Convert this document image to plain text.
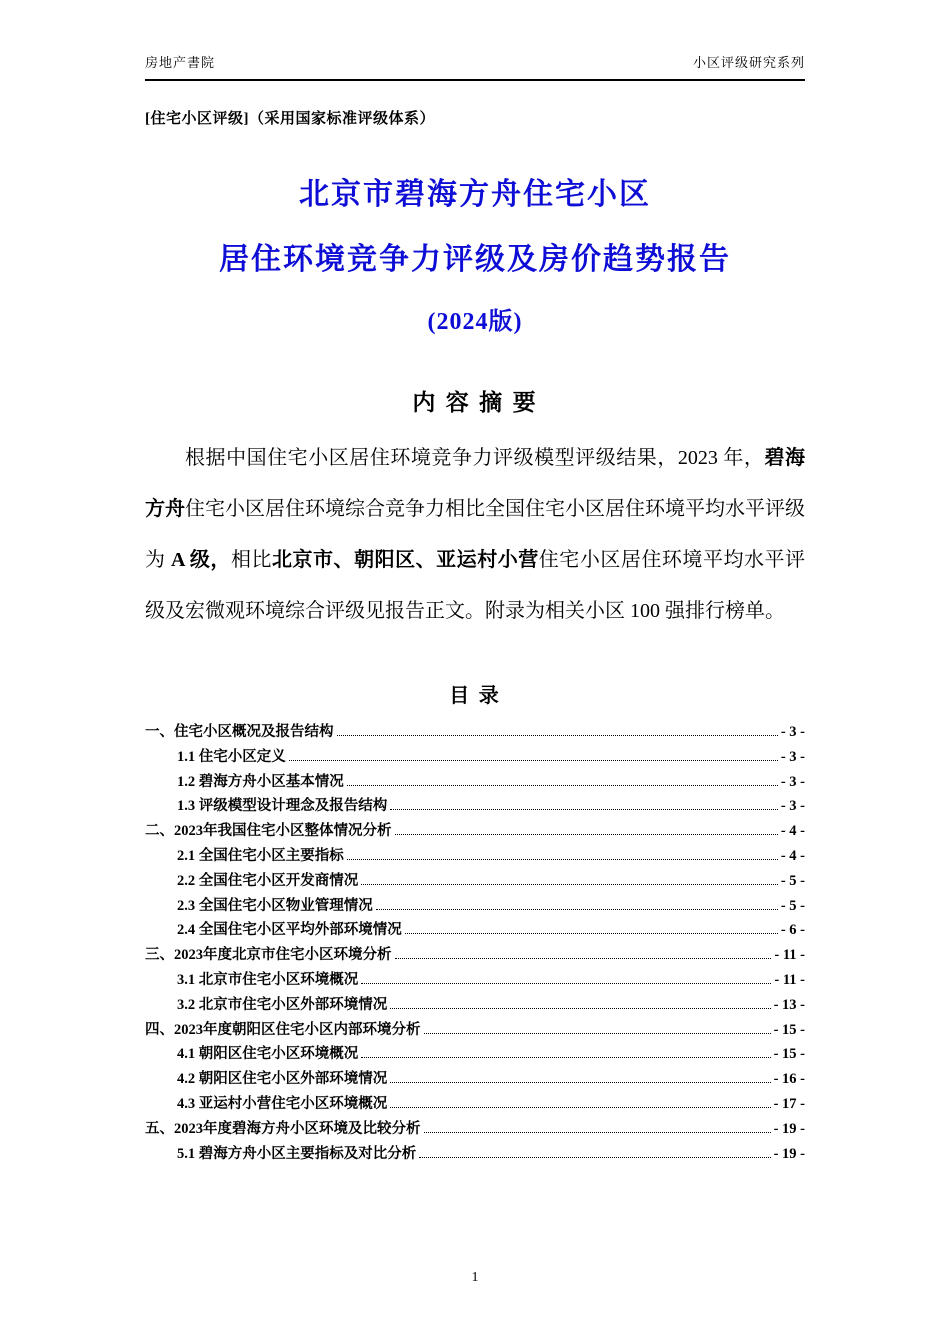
房地产書院	小区评级研究系列
[住宅小区评级]（采用国家标准评级体系）
北京市碧海方舟住宅小区
居住环境竞争力评级及房价趋势报告
(2024版)
内 容 摘 要
根据中国住宅小区居住环境竞争力评级模型评级结果，2023 年，碧海方舟住宅小区居住环境综合竞争力相比全国住宅小区居住环境平均水平评级为 A 级，相比北京市、朝阳区、亚运村小营住宅小区居住环境平均水平评级及宏微观环境综合评级见报告正文。附录为相关小区 100 强排行榜单。
目 录
一、住宅小区概况及报告结构	- 3 -
1.1 住宅小区定义	- 3 -
1.2 碧海方舟小区基本情况	- 3 -
1.3 评级模型设计理念及报告结构	- 3 -
二、2023年我国住宅小区整体情况分析	- 4 -
2.1 全国住宅小区主要指标	- 4 -
2.2 全国住宅小区开发商情况	- 5 -
2.3 全国住宅小区物业管理情况	- 5 -
2.4 全国住宅小区平均外部环境情况	- 6 -
三、2023年度北京市住宅小区环境分析	- 11 -
3.1 北京市住宅小区环境概况	- 11 -
3.2 北京市住宅小区外部环境情况	- 13 -
四、2023年度朝阳区住宅小区内部环境分析	- 15 -
4.1 朝阳区住宅小区环境概况	- 15 -
4.2 朝阳区住宅小区外部环境情况	- 16 -
4.3 亚运村小营住宅小区环境概况	- 17 -
五、2023年度碧海方舟小区环境及比较分析	- 19 -
5.1 碧海方舟小区主要指标及对比分析	- 19 -
1
